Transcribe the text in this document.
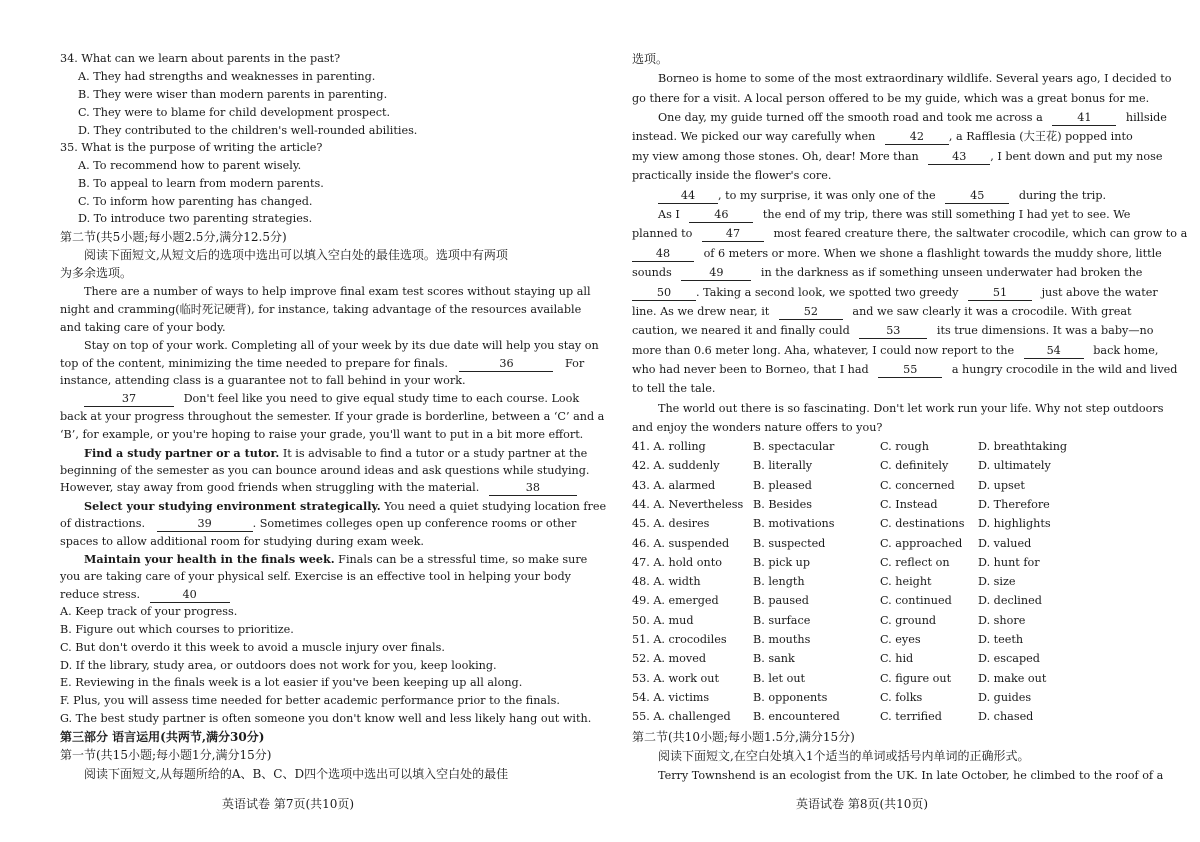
34. What can we learn about parents in the past?
A. They had strengths and weaknesses in parenting.
B. They were wiser than modern parents in parenting.
C. They were to blame for child development prospect.
D. They contributed to the children's well-rounded abilities.
35. What is the purpose of writing the article?
A. To recommend how to parent wisely.
B. To appeal to learn from modern parents.
C. To inform how parenting has changed.
D. To introduce two parenting strategies.
第二节(共5小题;每小题2.5分,满分12.5分)
阅读下面短文,从短文后的选项中选出可以填入空白处的最佳选项。选项中有两项
为多余选项。
There are a number of ways to help improve final exam test scores without staying up all
night and cramming(临时死记硬背), for instance, taking advantage of the resources available
and taking care of your body.
Stay on top of your work. Completing all of your week by its due date will help you stay on
top of the content, minimizing the time needed to prepare for finals.	36	For
instance, attending class is a guarantee not to fall behind in your work.
37	Don't feel like you need to give equal study time to each course. Look
back at your progress throughout the semester. If your grade is borderline, between a ‘C’ and a
‘B’, for example, or you're hoping to raise your grade, you'll want to put in a bit more effort.
Find a study partner or a tutor. It is advisable to find a tutor or a study partner at the
beginning of the semester as you can bounce around ideas and ask questions while studying.
However, stay away from good friends when struggling with the material.	38
Select your studying environment strategically. You need a quiet studying location free
of distractions.	39	. Sometimes colleges open up conference rooms or other
spaces to allow additional room for studying during exam week.
Maintain your health in the finals week. Finals can be a stressful time, so make sure
you are taking care of your physical self. Exercise is an effective tool in helping your body
reduce stress.	40
A. Keep track of your progress.
B. Figure out which courses to prioritize.
C. But don't overdo it this week to avoid a muscle injury over finals.
D. If the library, study area, or outdoors does not work for you, keep looking.
E. Reviewing in the finals week is a lot easier if you've been keeping up all along.
F. Plus, you will assess time needed for better academic performance prior to the finals.
G. The best study partner is often someone you don't know well and less likely hang out with.
第三部分 语言运用(共两节,满分30分)
第一节(共15小题;每小题1分,满分15分)
阅读下面短文,从每题所给的A、B、C、D四个选项中选出可以填入空白处的最佳
英语试卷 第7页(共10页)
选项。
Borneo is home to some of the most extraordinary wildlife. Several years ago, I decided to
go there for a visit. A local person offered to be my guide, which was a great bonus for me.
One day, my guide turned off the smooth road and took me across a	41	hillside
instead. We picked our way carefully when	42 , a Rafflesia (大王花) popped into
my view among those stones. Oh, dear! More than	43 , I bent down and put my nose
practically inside the flower's core.
44 , to my surprise, it was only one of the	45	during the trip.
As I	46	the end of my trip, there was still something I had yet to see. We
planned to	47	most feared creature there, the saltwater crocodile, which can grow to a
48	of 6 meters or more. When we shone a flashlight towards the muddy shore, little
sounds	49	in the darkness as if something unseen underwater had broken the
50 . Taking a second look, we spotted two greedy	51	just above the water
line. As we drew near, it	52	and we saw clearly it was a crocodile. With great
caution, we neared it and finally could	53	its true dimensions. It was a baby—no
more than 0.6 meter long. Aha, whatever, I could now report to the	54	back home,
who had never been to Borneo, that I had	55	a hungry crocodile in the wild and lived
to tell the tale.
The world out there is so fascinating. Don't let work run your life. Why not step outdoors
and enjoy the wonders nature offers to you?
41. A. rolling	B. spectacular	C. rough	D. breathtaking
42. A. suddenly	B. literally	C. definitely	D. ultimately
43. A. alarmed	B. pleased	C. concerned D. upset
44. A. Nevertheless B. Besides	C. Instead	D. Therefore
45. A. desires	B. motivations	C. destinations D. highlights
46. A. suspended B. suspected	C. approached D. valued
47. A. hold onto	B. pick up	C. reflect on	D. hunt for
48. A. width	B. length	C. height	D. size
49. A. emerged	B. paused	C. continued D. declined
50. A. mud	B. surface	C. ground	D. shore
51. A. crocodiles B. mouths	C. eyes	D. teeth
52. A. moved	B. sank	C. hid	D. escaped
53. A. work out	B. let out	C. figure out D. make out
54. A. victims	B. opponents	C. folks	D. guides
55. A. challenged B. encountered	C. terrified	D. chased
第二节(共10小题;每小题1.5分,满分15分)
阅读下面短文,在空白处填入1个适当的单词或括号内单词的正确形式。
Terry Townshend is an ecologist from the UK. In late October, he climbed to the roof of a
英语试卷 第8页(共10页)
